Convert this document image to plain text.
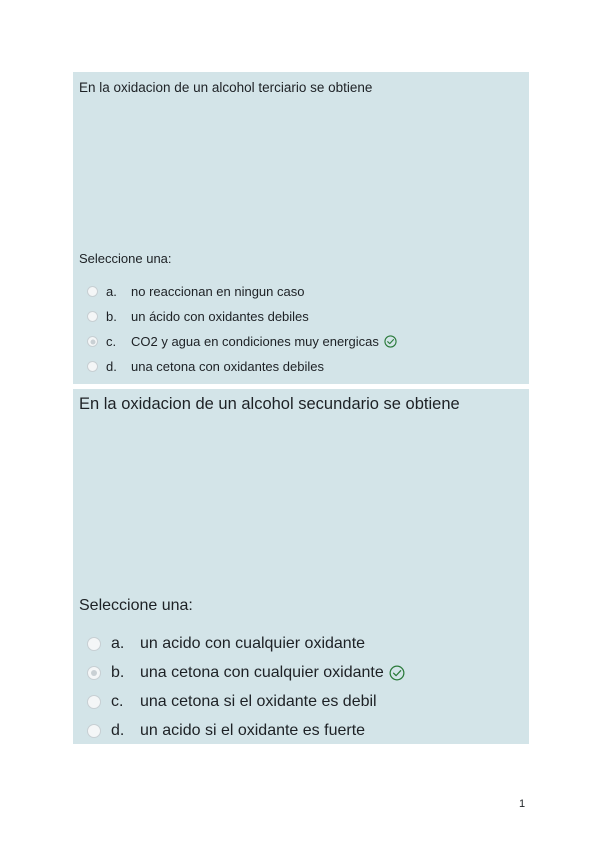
En la oxidacion de un alcohol terciario se obtiene
Seleccione una:
a.	no reaccionan en ningun caso
b.	un ácido con oxidantes debiles
c.	CO2 y agua en condiciones muy energicas
d.	una cetona con oxidantes debiles
En la oxidacion de un alcohol secundario se obtiene
Seleccione una:
a. un acido con cualquier oxidante
b. una cetona con cualquier oxidante
c.	una cetona si el oxidante es debil
d. un acido si el oxidante es fuerte
1
